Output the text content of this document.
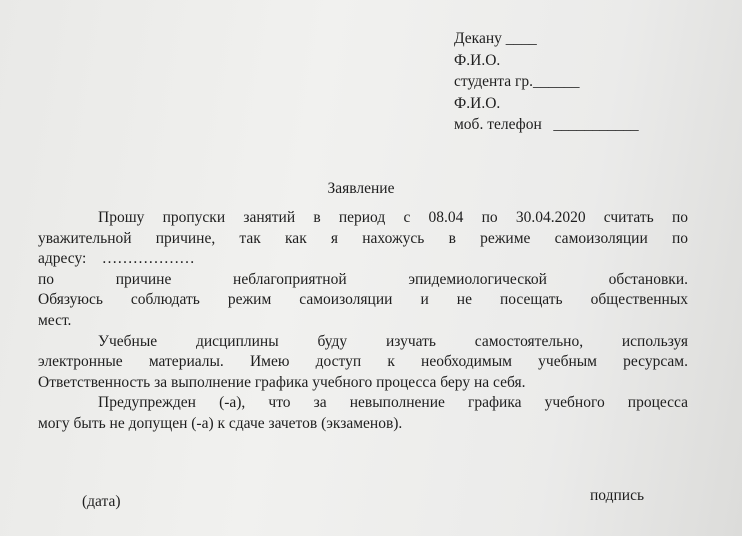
Декану ____
Ф.И.О.
студента гр.______
Ф.И.О.
моб. телефон   ___________
Заявление
Прошу пропуски занятий в период с 08.04 по 30.04.2020 считать по
уважительной причине, так как я нахожусь в режиме самоизоляции по
адресу:    ………………
по причине неблагоприятной эпидемиологической обстановки.
Обязуюсь соблюдать режим самоизоляции и не посещать общественных
мест.
Учебные дисциплины буду изучать самостоятельно, используя
электронные материалы. Имею доступ к необходимым учебным ресурсам.
Ответственность за выполнение графика учебного процесса беру на себя.
Предупрежден (-а), что за невыполнение графика учебного процесса
могу быть не допущен (-а) к сдаче зачетов (экзаменов).
(дата)	подпись
